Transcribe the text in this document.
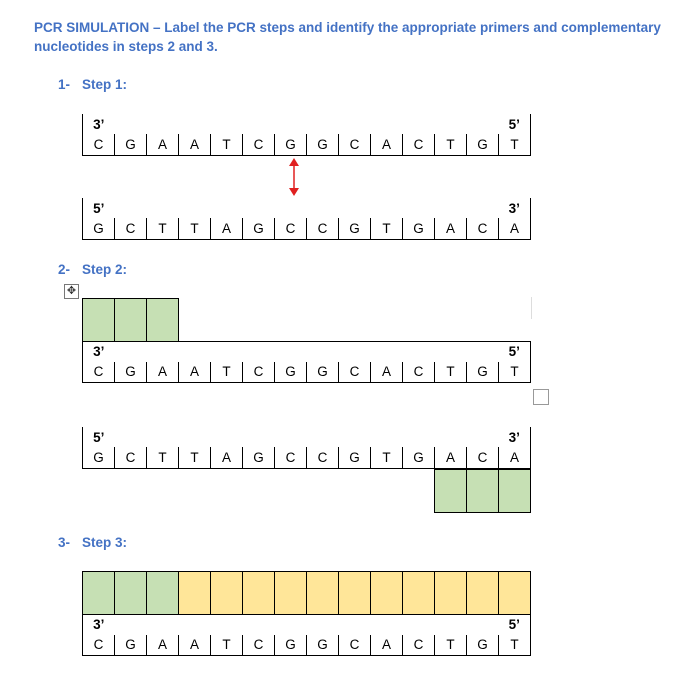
PCR SIMULATION – Label the PCR steps and identify the appropriate primers and complementary nucleotides in steps 2 and 3.
1- Step 1:
3’													5’
C	G	A	A	T	C	G	G	C	A	C	T	G	T
5’													3’
G	C	T	T	A	G	C	C	G	T	G	A	C	A
2- Step 2:
✥

3’													5’
C	G	A	A	T	C	G	G	C	A	C	T	G	T
5’													3’
G	C	T	T	A	G	C	C	G	T	G	A	C	A

3- Step 3:

3’													5’
C	G	A	A	T	C	G	G	C	A	C	T	G	T
